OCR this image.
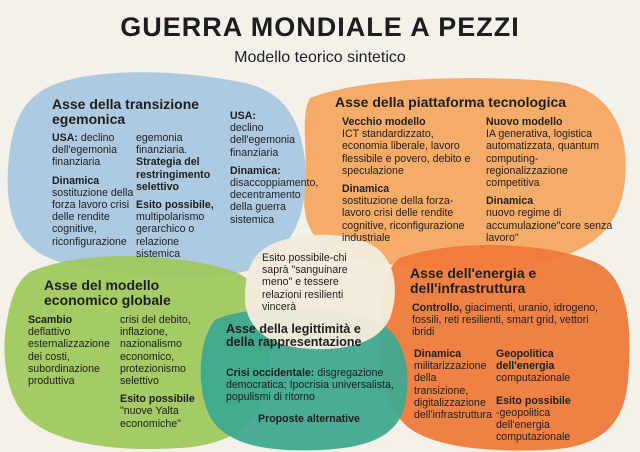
GUERRA MONDIALE A PEZZI
Modello teorico sintetico
Asse della transizione egemonica
USA: declino dell'egemonia finanziaria

Dinamica
sostituzione della forza lavoro crisi delle rendite cognitive, riconfigurazione
egemonia finanziaria.
Strategia del restringimento selettivo
Esito possibile,
multipolarismo gerarchico o relazione sistemica
USA:
declino dell'egemonia finanziaria
Dinamica:
disaccoppiamento, decentramento della guerra sistemica
Asse della piattaforma tecnologica
Vecchio modello
ICT standardizzato, economia liberale, lavoro flessibile e povero, debito e speculazione
Dinamica
sostituzione della forza-lavoro crisi delle rendite cognitive, riconfigurazione industriale
Nuovo modello
IA generativa, logistica automatizzata, quantum computing-regionalizzazione competitiva
Dinamica
nuovo regime di accumulazione"core senza lavoro"
Esito possibile-chi saprà "sanguinare meno" e tessere relazioni resilienti vincerà
Asse del modello economico globale
Scambio
deflattivo esternalizzazione dei costi, subordinazione produttiva
crisi del debito, inflazione, nazionalismo economico, protezionismo selettivo
Esito possibile
"nuove Yalta economiche"
Asse della legittimità e della rappresentazione
Crisi occidentale: disgregazione democratica; Ipocrisia universalista, populismi di ritorno
Proposte alternative
Asse dell'energia e dell'infrastruttura
Controllo, giacimenti, uranio, idrogeno, fossili, reti resilienti, smart grid, vettori ibridi
Dinamica
militarizzazione della transizione, digitalizzazione dell'infrastruttura
Geopolitica dell'energia
computazionale
Esito possibile
-geopolitica dell'energia computazionale
